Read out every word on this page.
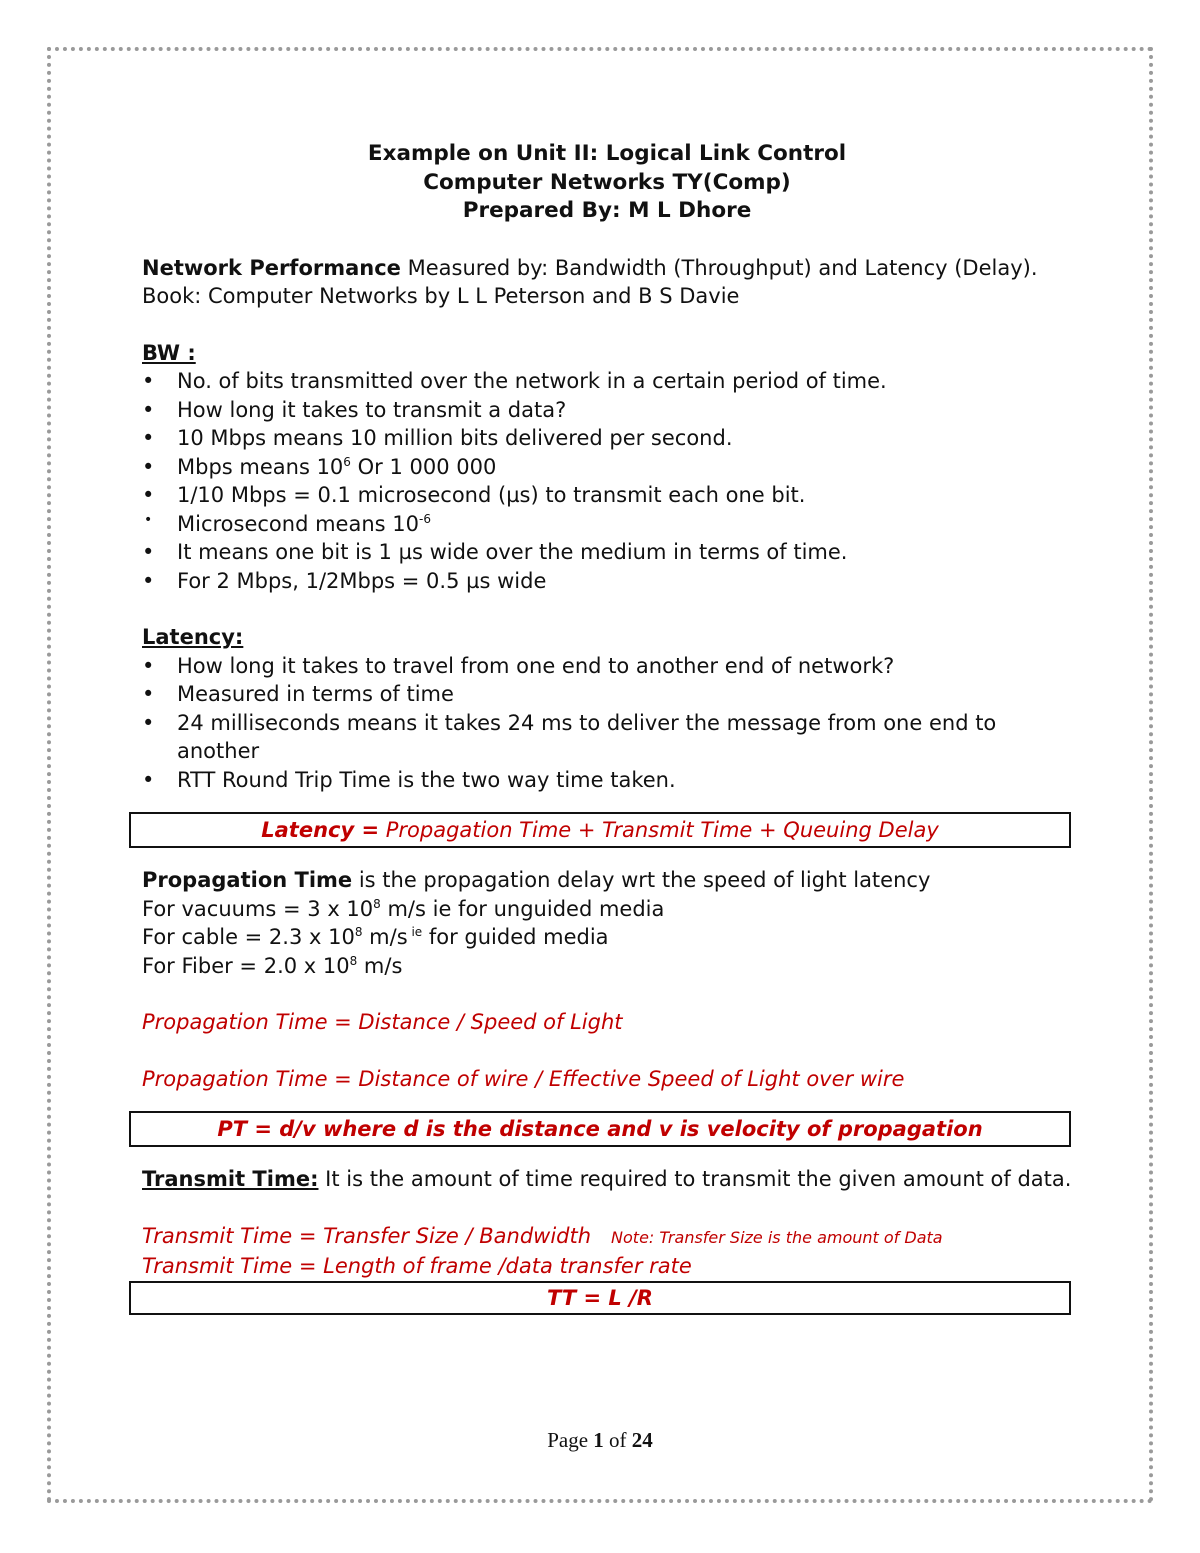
Example on Unit II: Logical Link Control
Computer Networks TY(Comp)
Prepared By: M L Dhore
Network Performance Measured by: Bandwidth (Throughput) and Latency (Delay). Book: Computer Networks by L L Peterson and B S Davie
BW :
• No. of bits transmitted over the network in a certain period of time.
• How long it takes to transmit a data?
• 10 Mbps means 10 million bits delivered per second.
• Mbps means $10^6$ Or 1 000 000
• 1/10 Mbps = 0.1 microsecond (µs) to transmit each one bit.
• Microsecond means $10^{-6}$
• It means one bit is 1 µs wide over the medium in terms of time.
• For 2 Mbps, 1/2Mbps = 0.5 µs wide
Latency:
• How long it takes to travel from one end to another end of network?
• Measured in terms of time
• 24 milliseconds means it takes 24 ms to deliver the message from one end to another
• RTT Round Trip Time is the two way time taken.
Latency = Propagation Time + Transmit Time + Queuing Delay
Propagation Time is the propagation delay wrt the speed of light latency
For vacuums = 3 x $10^8$ m/s ie for unguided media
For cable = 2.3 x $10^8$ m/s $^{ie}$ for guided media
For Fiber = 2.0 x $10^8$ m/s
Propagation Time = Distance / Speed of Light
Propagation Time = Distance of wire / Effective Speed of Light over wire
PT = d/v where d is the distance and v is velocity of propagation
Transmit Time: It is the amount of time required to transmit the given amount of data.
Transmit Time = Transfer Size / Bandwidth Note: Transfer Size is the amount of Data
Transmit Time = Length of frame /data transfer rate
TT = L /R
Page 1 of 24
